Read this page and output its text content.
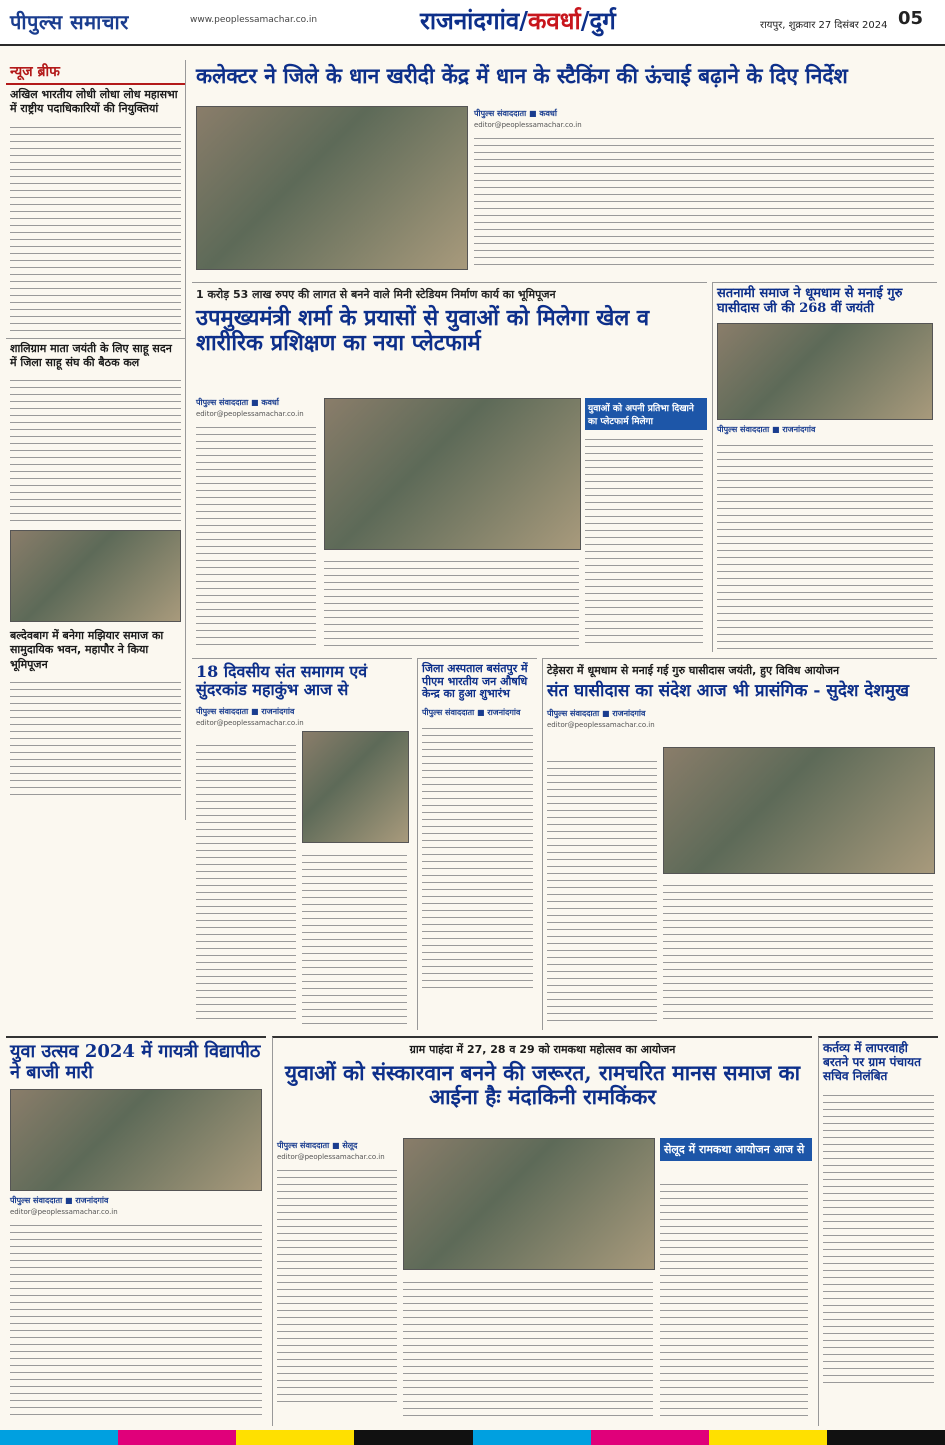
पीपुल्स समाचार	www.peoplessamachar.co.in	राजनांदगांव/कवर्धा/दुर्ग	रायपुर, शुक्रवार 27 दिसंबर 2024 05
न्यूज ब्रीफ
अखिल भारतीय लोधी लोधा लोध महासभा में राष्ट्रीय पदाधिकारियों की नियुक्तियां
शालिग्राम माता जयंती के लिए साहू सदन में जिला साहू संघ की बैठक कल
बल्देवबाग में बनेगा मझियार समाज का सामुदायिक भवन, महापौर ने किया भूमिपूजन
कलेक्टर ने जिले के धान खरीदी केंद्र में धान के स्टैकिंग की ऊंचाई बढ़ाने के दिए निर्देश
पीपुल्स संवाददाता ■ कवर्धा
editor@peoplessamachar.co.in
1 करोड़ 53 लाख रुपए की लागत से बनने वाले मिनी स्टेडियम निर्माण कार्य का भूमिपूजन
उपमुख्यमंत्री शर्मा के प्रयासों से युवाओं को मिलेगा खेल व शारीरिक प्रशिक्षण का नया प्लेटफार्म
पीपुल्स संवाददाता ■ कवर्धा
editor@peoplessamachar.co.in	युवाओं को अपनी प्रतिभा दिखाने का प्लेटफार्म मिलेगा
सतनामी समाज ने धूमधाम से मनाई गुरु घासीदास जी की 268 वीं जयंती
पीपुल्स संवाददाता ■ राजनांदगांव
18 दिवसीय संत समागम एवं सुंदरकांड महाकुंभ आज से
पीपुल्स संवाददाता ■ राजनांदगांव
editor@peoplessamachar.co.in
जिला अस्पताल बसंतपुर में पीएम भारतीय जन औषधि केन्द्र का हुआ शुभारंभ
पीपुल्स संवाददाता ■ राजनांदगांव
टेड़ेसरा में धूमधाम से मनाई गई गुरु घासीदास जयंती, हुए विविध आयोजन
संत घासीदास का संदेश आज भी प्रासंगिक - सुदेश देशमुख
पीपुल्स संवाददाता ■ राजनांदगांव
editor@peoplessamachar.co.in
युवा उत्सव 2024 में गायत्री विद्यापीठ ने बाजी मारी
पीपुल्स संवाददाता ■ राजनांदगांव
editor@peoplessamachar.co.in
ग्राम पाहंदा में 27, 28 व 29 को रामकथा महोत्सव का आयोजन
युवाओं को संस्कारवान बनने की जरूरत, रामचरित मानस समाज का आईना हैः मंदाकिनी रामकिंकर
पीपुल्स संवाददाता ■ सेलूद
editor@peoplessamachar.co.in
सेलूद में रामकथा आयोजन आज से
कर्तव्य में लापरवाही बरतने पर ग्राम पंचायत सचिव निलंबित
